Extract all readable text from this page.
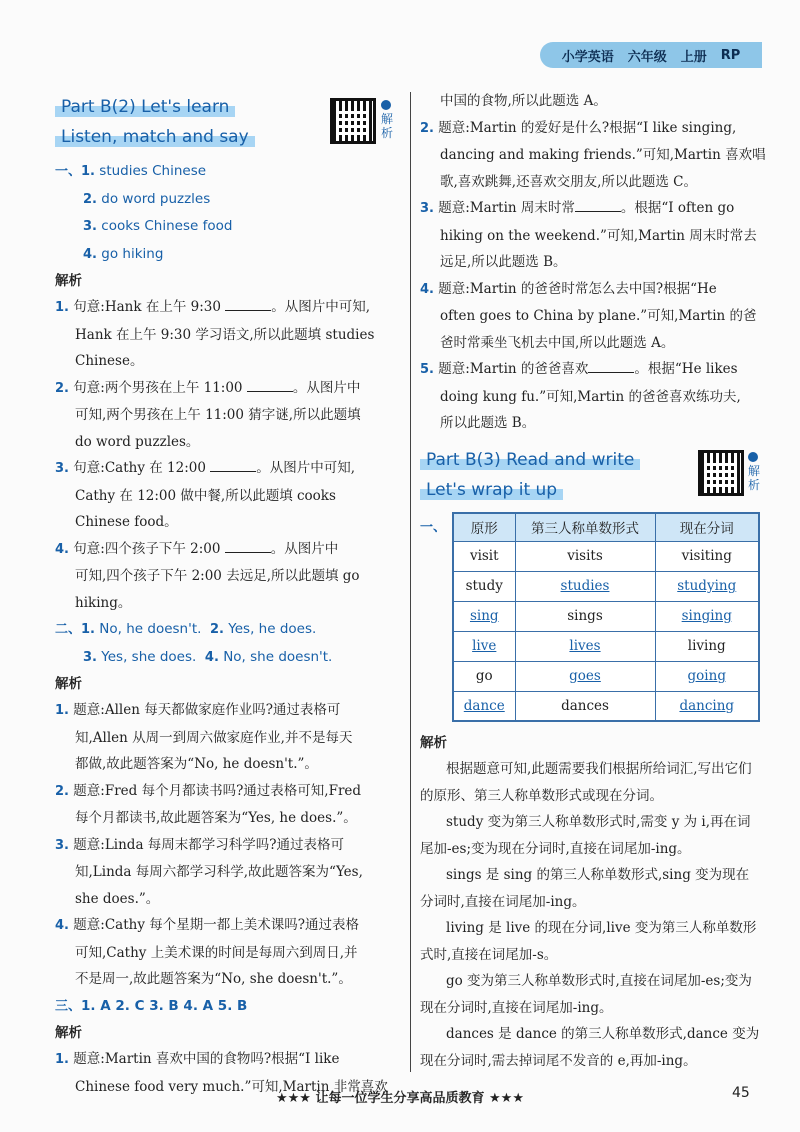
小学英语 六年级 上册 RP
Part B(2) Let's learn
Listen, match and say
解析
一、1. studies Chinese
2. do word puzzles
3. cooks Chinese food
4. go hiking
解析
1. 句意:Hank 在上午 9:30	。从图片中可知,
Hank 在上午 9:30 学习语文,所以此题填 studies
Chinese。
2. 句意:两个男孩在上午 11:00	。从图片中
可知,两个男孩在上午 11:00 猜字谜,所以此题填
do word puzzles。
3. 句意:Cathy 在 12:00	。从图片中可知,
Cathy 在 12:00 做中餐,所以此题填 cooks
Chinese food。
4. 句意:四个孩子下午 2:00	。从图片中
可知,四个孩子下午 2:00 去远足,所以此题填 go
hiking。
二、1. No, he doesn't. 2. Yes, he does.
3. Yes, she does. 4. No, she doesn't.
解析
1. 题意:Allen 每天都做家庭作业吗?通过表格可
知,Allen 从周一到周六做家庭作业,并不是每天
都做,故此题答案为“No, he doesn't.”。
2. 题意:Fred 每个月都读书吗?通过表格可知,Fred
每个月都读书,故此题答案为“Yes, he does.”。
3. 题意:Linda 每周末都学习科学吗?通过表格可
知,Linda 每周六都学习科学,故此题答案为“Yes,
she does.”。
4. 题意:Cathy 每个星期一都上美术课吗?通过表格
可知,Cathy 上美术课的时间是每周六到周日,并
不是周一,故此题答案为“No, she doesn't.”。
三、1. A 2. C 3. B 4. A 5. B
解析
1. 题意:Martin 喜欢中国的食物吗?根据“I like
Chinese food very much.”可知,Martin 非常喜欢
中国的食物,所以此题选 A。
2. 题意:Martin 的爱好是什么?根据“I like singing,
dancing and making friends.”可知,Martin 喜欢唱
歌,喜欢跳舞,还喜欢交朋友,所以此题选 C。
3. 题意:Martin 周末时常	。根据“I often go
hiking on the weekend.”可知,Martin 周末时常去
远足,所以此题选 B。
4. 题意:Martin 的爸爸时常怎么去中国?根据“He
often goes to China by plane.”可知,Martin 的爸
爸时常乘坐飞机去中国,所以此题选 A。
5. 题意:Martin 的爸爸喜欢	。根据“He likes
doing kung fu.”可知,Martin 的爸爸喜欢练功夫,
所以此题选 B。
Part B(3) Read and write
Let's wrap it up
解析
一、 原形	第三人称单数形式	现在分词
visit	visits	visiting
study	studies	studying
sing	sings	singing
live	lives	living
go	goes	going
dance	dances	dancing
解析
根据题意可知,此题需要我们根据所给词汇,写出它们的原形、第三人称单数形式或现在分词。
study 变为第三人称单数形式时,需变 y 为 i,再在词尾加-es;变为现在分词时,直接在词尾加-ing。
sings 是 sing 的第三人称单数形式,sing 变为现在分词时,直接在词尾加-ing。
living 是 live 的现在分词,live 变为第三人称单数形式时,直接在词尾加-s。
go 变为第三人称单数形式时,直接在词尾加-es;变为现在分词时,直接在词尾加-ing。
dances 是 dance 的第三人称单数形式,dance 变为现在分词时,需去掉词尾不发音的 e,再加-ing。
★★★ 让每一位学生分享高品质教育 ★★★	45
